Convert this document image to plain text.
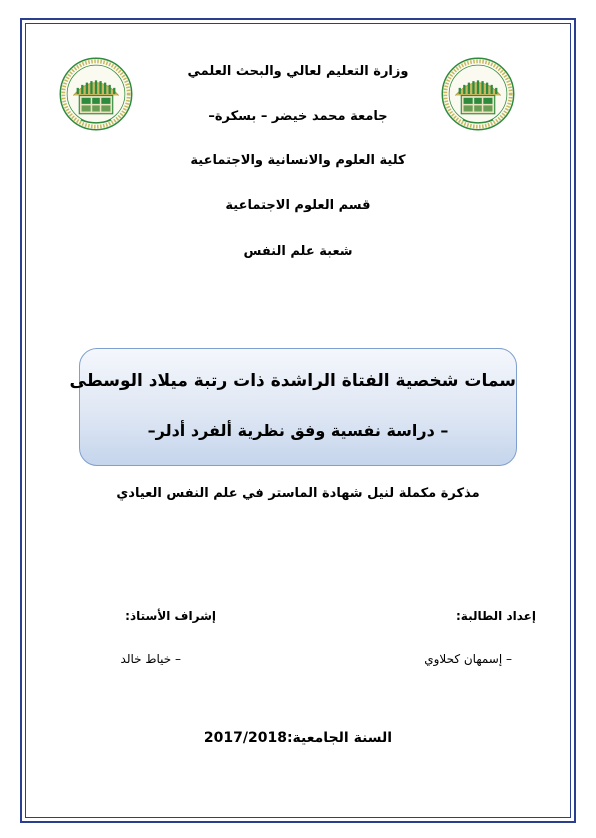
وزارة التعليم لعالي والبحث العلمي
جامعة محمد خيضر – بسكرة–
كلية العلوم والانسانية والاجتماعية
قسم العلوم الاجتماعية
شعبة علم النفس
سمات شخصية الفتاة الراشدة ذات رتبة ميلاد الوسطى
– دراسة نفسية وفق نظرية ألفرد أدلر–
مذكرة مكملة لنيل شهادة الماستر في علم النفس العيادي
إعداد الطالبة:
إشراف الأستاذ:
– إسمهان كحلاوي
– خياط خالد
السنة الجامعية:2017/2018
